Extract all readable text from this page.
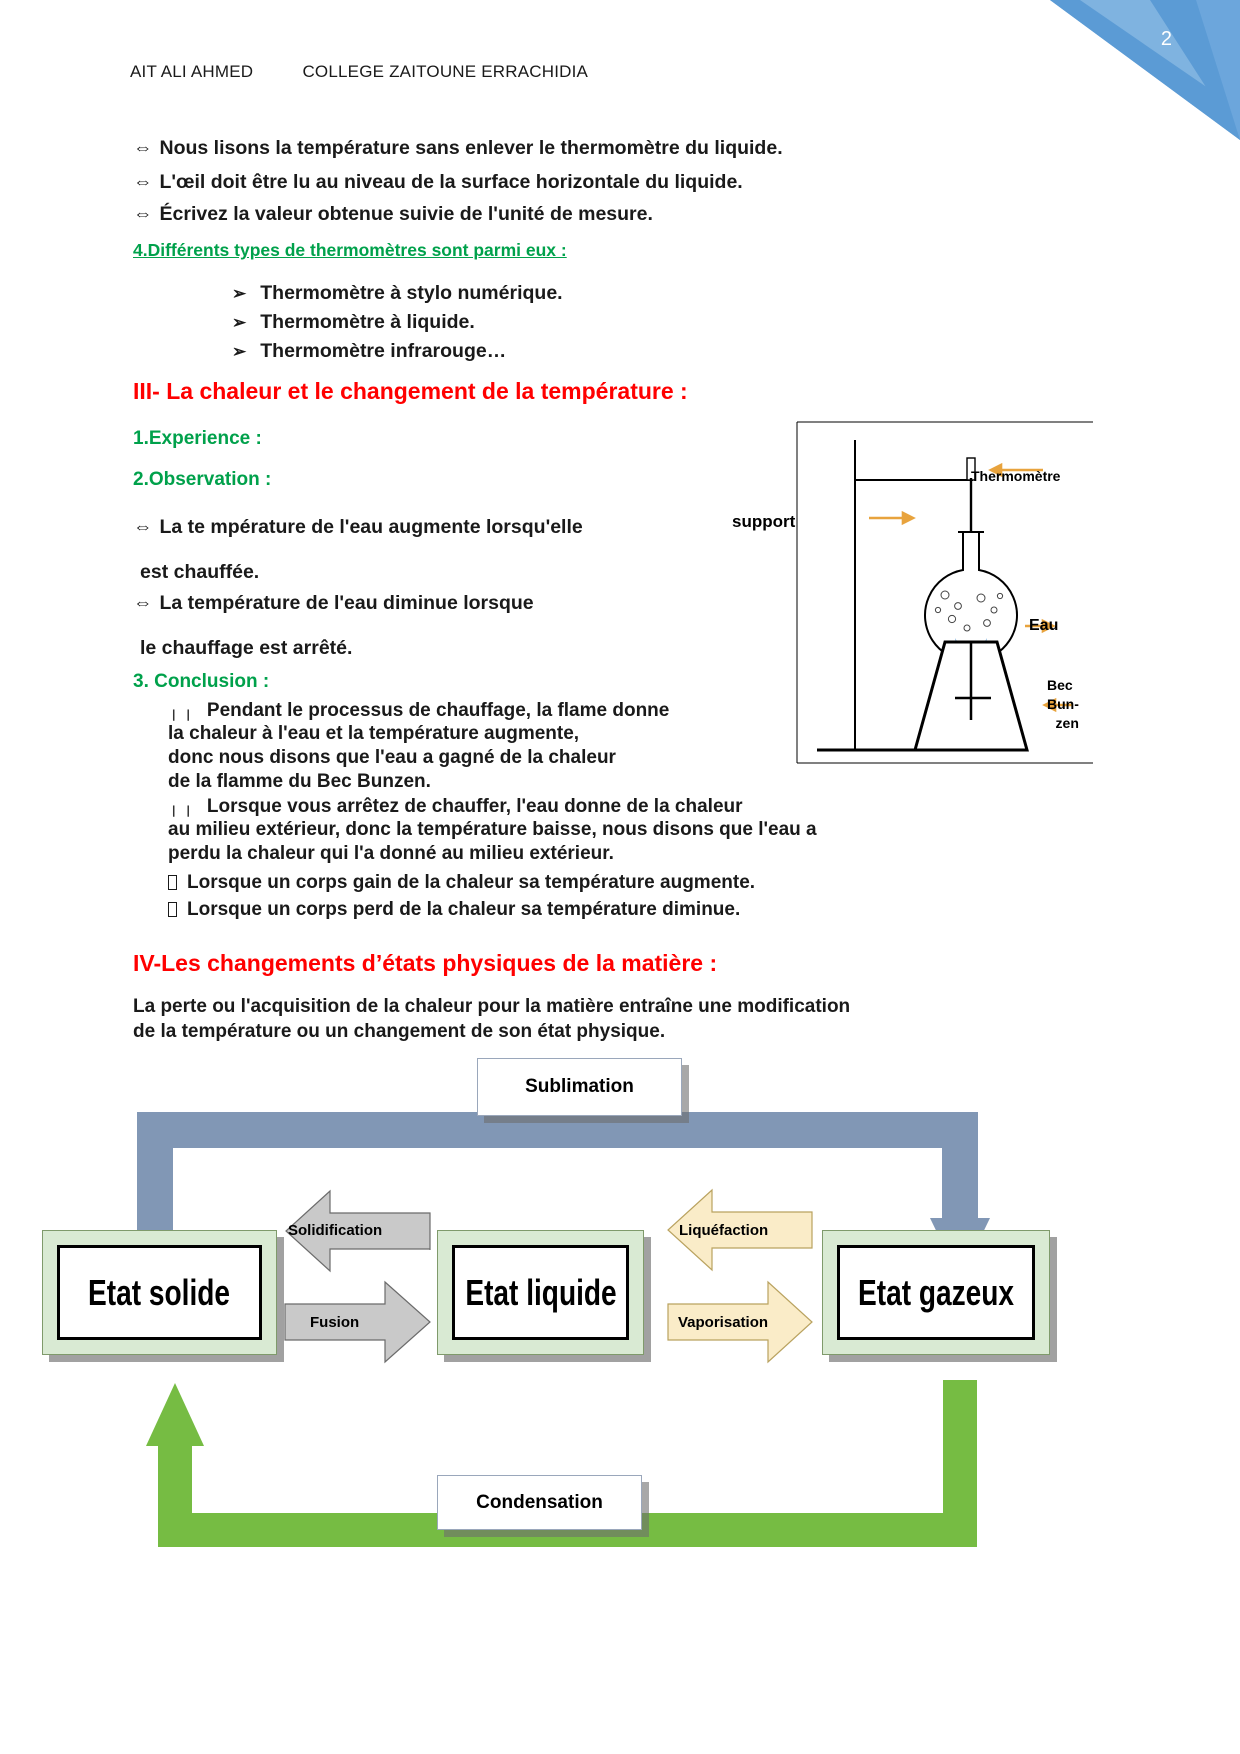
2
AIT ALI AHMED          COLLEGE ZAITOUNE ERRACHIDIA
⇔ Nous lisons la température sans enlever le thermomètre du liquide.
⇔ L'œil doit être lu au niveau de la surface horizontale du liquide.
⇔ Écrivez la valeur obtenue suivie de l'unité de mesure.
4.Différents types de thermomètres sont parmi eux :
➢ Thermomètre à stylo numérique.
➢ Thermomètre à liquide.
➢ Thermomètre infrarouge…
III- La chaleur et le changement de la température :
1.Experience :
2.Observation :
⇔ La te mpérature de l'eau augmente lorsqu'elle
est chauffée.
⇔ La température de l'eau diminue lorsque
le chauffage est arrêté.
3. Conclusion :
╷╷ Pendant le processus de chauffage, la flame donne
la chaleur à l'eau et la température augmente,
donc nous disons que l'eau a gagné de la chaleur
de la flamme du Bec Bunzen.
╷╷ Lorsque vous arrêtez de chauffer, l'eau donne de la chaleur
au milieu extérieur, donc la température baisse, nous disons que l'eau a
perdu la chaleur qui l'a donné au milieu extérieur.
Lorsque un corps gain de la chaleur sa température augmente.
Lorsque un corps perd de la chaleur sa température diminue.
Thermomètre
Eau
Bec
Bun-
zen
support
IV-Les changements d’états physiques de la matière :
La perte ou l'acquisition de la chaleur pour la matière entraîne une modification
de la température ou un changement de son état physique.
Sublimation
Condensation
Etat solide	Etat liquide	Etat gazeux
Solidification
Fusion
Liquéfaction
Vaporisation
